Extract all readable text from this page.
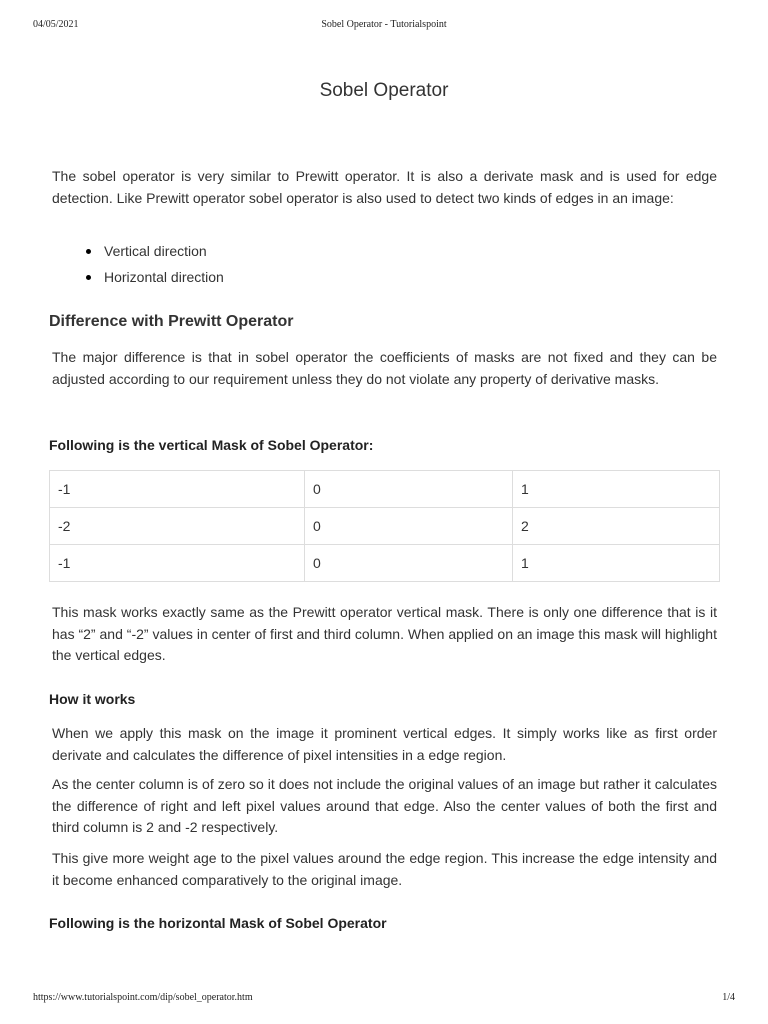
04/05/2021	Sobel Operator - Tutorialspoint
Sobel Operator

The sobel operator is very similar to Prewitt operator. It is also a derivate mask and is used for edge detection. Like Prewitt operator sobel operator is also used to detect two kinds of edges in an image:

Vertical direction
Horizontal direction
Difference with Prewitt Operator

The major difference is that in sobel operator the coefficients of masks are not fixed and they can be adjusted according to our requirement unless they do not violate any property of derivative masks.

Following is the vertical Mask of Sobel Operator:
-1	0	1
-2	0	2
-1	0	1

This mask works exactly same as the Prewitt operator vertical mask. There is only one difference that is it has “2” and “-2” values in center of first and third column. When applied on an image this mask will highlight the vertical edges.

How it works

When we apply this mask on the image it prominent vertical edges. It simply works like as first order derivate and calculates the difference of pixel intensities in a edge region.

As the center column is of zero so it does not include the original values of an image but rather it calculates the difference of right and left pixel values around that edge. Also the center values of both the first and third column is 2 and -2 respectively.

This give more weight age to the pixel values around the edge region. This increase the edge intensity and it become enhanced comparatively to the original image.

Following is the horizontal Mask of Sobel Operator
https://www.tutorialspoint.com/dip/sobel_operator.htm	1/4
